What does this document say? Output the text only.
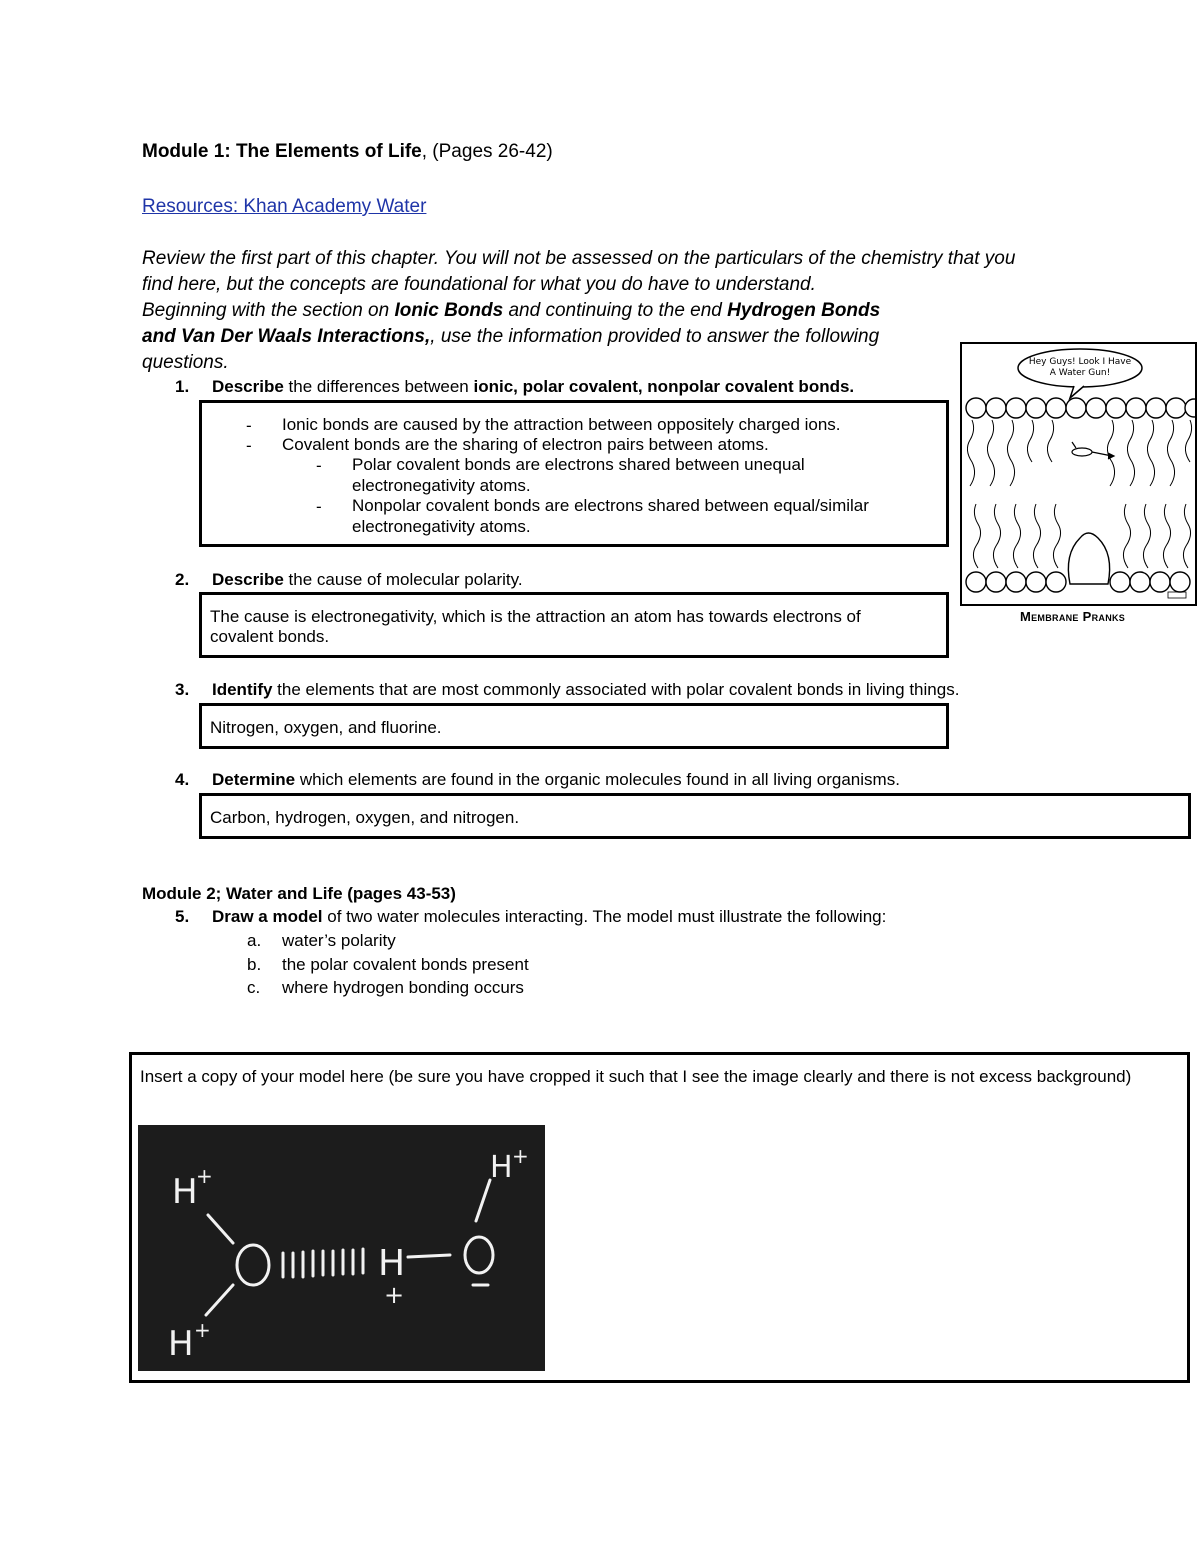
Module 1: The Elements of Life, (Pages 26-42)
Resources: Khan Academy Water
Review the first part of this chapter. You will not be assessed on the particulars of the chemistry that you
find here, but the concepts are foundational for what you do have to understand.
Beginning with the section on Ionic Bonds and continuing to the end Hydrogen Bonds
and Van Der Waals Interactions,, use the information provided to answer the following
questions.	Hey Guys! Look I Have
A Water Gun!
Membrane Pranks
1. Describe the differences between ionic, polar covalent, nonpolar covalent bonds.
- Ionic bonds are caused by the attraction between oppositely charged ions.
- Covalent bonds are the sharing of electron pairs between atoms.
- Polar covalent bonds are electrons shared between unequal
electronegativity atoms.
- Nonpolar covalent bonds are electrons shared between equal/similar
electronegativity atoms.
2. Describe the cause of molecular polarity.
The cause is electronegativity, which is the attraction an atom has towards electrons of
covalent bonds.
3. Identify the elements that are most commonly associated with polar covalent bonds in living things.
Nitrogen, oxygen, and fluorine.
4. Determine which elements are found in the organic molecules found in all living organisms.
Carbon, hydrogen, oxygen, and nitrogen.
Module 2; Water and Life (pages 43-53)
5. Draw a model of two water molecules interacting. The model must illustrate the following:
a. water’s polarity
b. the polar covalent bonds present
c. where hydrogen bonding occurs
Insert a copy of your model here (be sure you have cropped it such that I see the image clearly and there is not excess background)
H
+
H +
H
+
H +
